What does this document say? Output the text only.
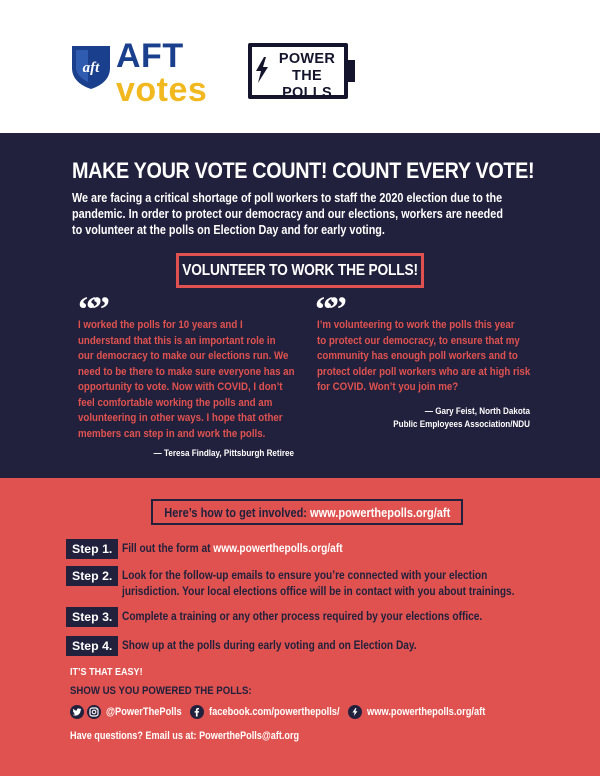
aft AFT
votes
POWER
THE POLLS
MAKE YOUR VOTE COUNT! COUNT EVERY VOTE!
We are facing a critical shortage of poll workers to staff the 2020 election due to the
pandemic. In order to protect our democracy and our elections, workers are needed
to volunteer at the polls on Election Day and for early voting.
VOLUNTEER TO WORK THE POLLS!
“”
I worked the polls for 10 years and I
understand that this is an important role in
our democracy to make our elections run. We
need to be there to make sure everyone has an
opportunity to vote. Now with COVID, I don’t
feel comfortable working the polls and am
volunteering in other ways. I hope that other
members can step in and work the polls.
— Teresa Findlay, Pittsburgh Retiree
“”
I’m volunteering to work the polls this year
to protect our democracy, to ensure that my
community has enough poll workers and to
protect older poll workers who are at high risk
for COVID. Won’t you join me?
— Gary Feist, North Dakota
Public Employees Association/NDU
Here’s how to get involved: www.powerthepolls.org/aft
Step 1. Fill out the form at www.powerthepolls.org/aft
Step 2. Look for the follow-up emails to ensure you’re connected with your election
jurisdiction. Your local elections office will be in contact with you about trainings.
Step 3. Complete a training or any other process required by your elections office.
Step 4. Show up at the polls during early voting and on Election Day.
IT’S THAT EASY!
SHOW US YOU POWERED THE POLLS:
@PowerThePolls	facebook.com/powerthepolls/	www.powerthepolls.org/aft
Have questions? Email us at: PowerthePolls@aft.org
